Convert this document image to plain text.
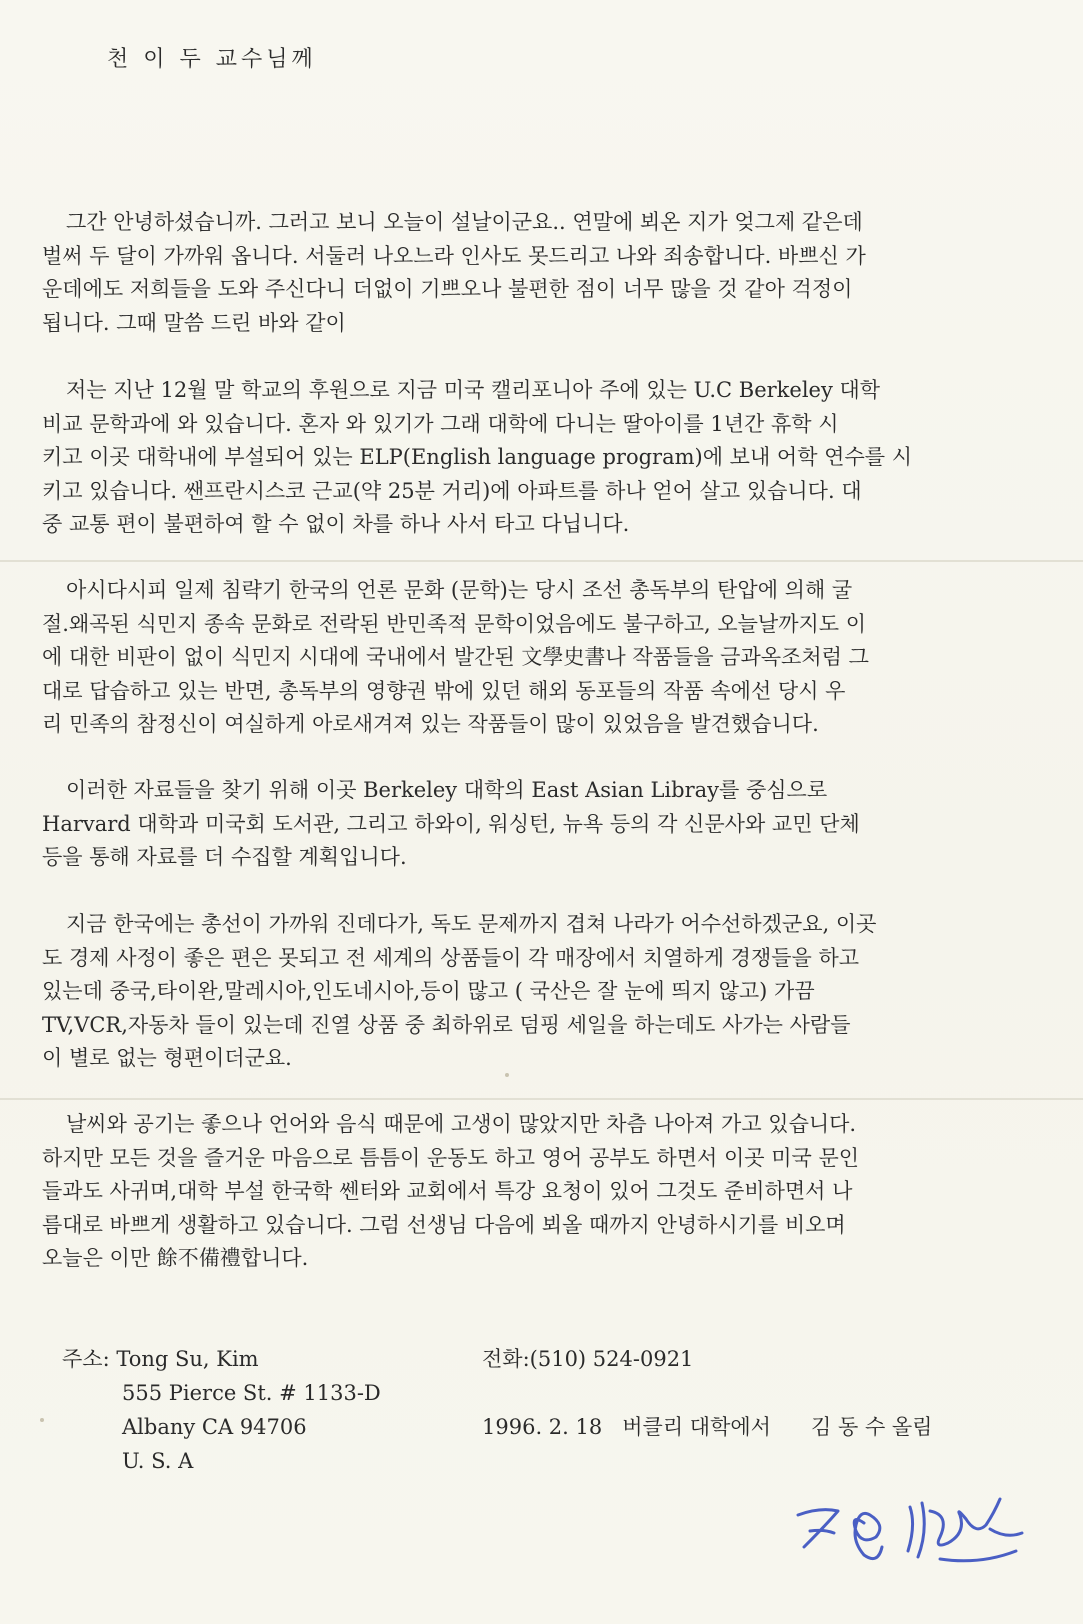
천 이 두 교수님께
그간 안녕하셨습니까. 그러고 보니 오늘이 설날이군요.. 연말에 뵈온 지가 엊그제 같은데
벌써 두 달이 가까워 옵니다. 서둘러 나오느라 인사도 못드리고 나와 죄송합니다. 바쁘신 가
운데에도 저희들을 도와 주신다니 더없이 기쁘오나 불편한 점이 너무 많을 것 같아 걱정이
됩니다. 그때 말씀 드린 바와 같이
저는 지난 12월 말 학교의 후원으로 지금 미국 캘리포니아 주에 있는 U.C Berkeley 대학
비교 문학과에 와 있습니다. 혼자 와 있기가 그래 대학에 다니는 딸아이를 1년간 휴학 시
키고 이곳 대학내에 부설되어 있는 ELP(English language program)에 보내 어학 연수를 시
키고 있습니다. 쌘프란시스코 근교(약 25분 거리)에 아파트를 하나 얻어 살고 있습니다. 대
중 교통 편이 불편하여 할 수 없이 차를 하나 사서 타고 다닙니다.
아시다시피 일제 침략기 한국의 언론 문화 (문학)는 당시 조선 총독부의 탄압에 의해 굴
절.왜곡된 식민지 종속 문화로 전락된 반민족적 문학이었음에도 불구하고, 오늘날까지도 이
에 대한 비판이 없이 식민지 시대에 국내에서 발간된 文學史書나 작품들을 금과옥조처럼 그
대로 답습하고 있는 반면, 총독부의 영향권 밖에 있던 해외 동포들의 작품 속에선 당시 우
리 민족의 참정신이 여실하게 아로새겨져 있는 작품들이 많이 있었음을 발견했습니다.
이러한 자료들을 찾기 위해 이곳 Berkeley 대학의 East Asian Libray를 중심으로
Harvard 대학과 미국회 도서관, 그리고 하와이, 워싱턴, 뉴욕 등의 각 신문사와 교민 단체
등을 통해 자료를 더 수집할 계획입니다.
지금 한국에는 총선이 가까워 진데다가, 독도 문제까지 겹쳐 나라가 어수선하겠군요, 이곳
도 경제 사정이 좋은 편은 못되고 전 세계의 상품들이 각 매장에서 치열하게 경쟁들을 하고
있는데 중국,타이완,말레시아,인도네시아,등이 많고 ( 국산은 잘 눈에 띄지 않고) 가끔
TV,VCR,자동차 들이 있는데 진열 상품 중 최하위로 덤핑 세일을 하는데도 사가는 사람들
이 별로 없는 형편이더군요.
날씨와 공기는 좋으나 언어와 음식 때문에 고생이 많았지만 차츰 나아져 가고 있습니다.
하지만 모든 것을 즐거운 마음으로 틈틈이 운동도 하고 영어 공부도 하면서 이곳 미국 문인
들과도 사귀며,대학 부설 한국학 쎈터와 교회에서 특강 요청이 있어 그것도 준비하면서 나
름대로 바쁘게 생활하고 있습니다. 그럼 선생님 다음에 뵈올 때까지 안녕하시기를 비오며
오늘은 이만 餘不備禮합니다.
주소: Tong Su, Kim
555 Pierce St. # 1133-D
Albany CA 94706
U. S. A
전화:(510) 524-0921
1996. 2. 18 버클리 대학에서 김 동 수 올림
